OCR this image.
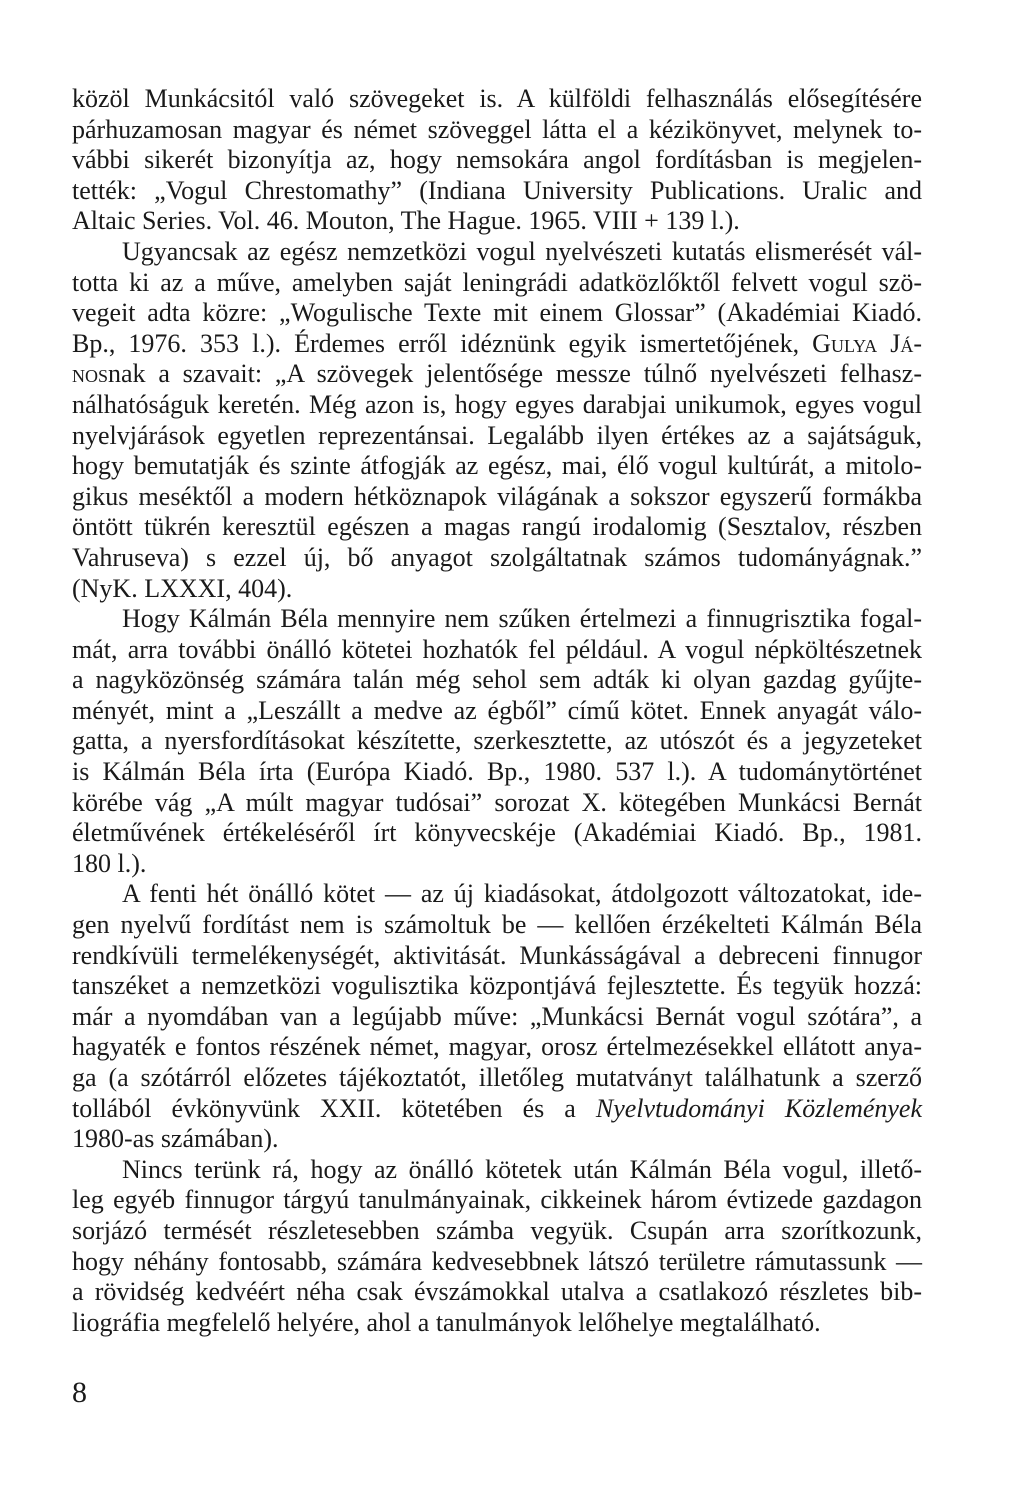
közöl Munkácsitól való szövegeket is. A külföldi felhasználás elősegítésére
párhuzamosan magyar és német szöveggel látta el a kézikönyvet, melynek to-
vábbi sikerét bizonyítja az, hogy nemsokára angol fordításban is megjelen-
tették: „Vogul Chrestomathy” (Indiana University Publications. Uralic and
Altaic Series. Vol. 46. Mouton, The Hague. 1965. VIII + 139 l.).
Ugyancsak az egész nemzetközi vogul nyelvészeti kutatás elismerését vál-
totta ki az a műve, amelyben saját leningrádi adatközlőktől felvett vogul szö-
vegeit adta közre: „Wogulische Texte mit einem Glossar” (Akadémiai Kiadó.
Bp., 1976. 353 l.). Érdemes erről idéznünk egyik ismertetőjének, Gulya Já-
nosnak a szavait: „A szövegek jelentősége messze túlnő nyelvészeti felhasz-
nálhatóságuk keretén. Még azon is, hogy egyes darabjai unikumok, egyes vogul
nyelvjárások egyetlen reprezentánsai. Legalább ilyen értékes az a sajátságuk,
hogy bemutatják és szinte átfogják az egész, mai, élő vogul kultúrát, a mitolo-
gikus meséktől a modern hétköznapok világának a sokszor egyszerű formákba
öntött tükrén keresztül egészen a magas rangú irodalomig (Sesztalov, részben
Vahruseva) s ezzel új, bő anyagot szolgáltatnak számos tudományágnak.”
(NyK. LXXXI, 404).
Hogy Kálmán Béla mennyire nem szűken értelmezi a finnugrisztika fogal-
mát, arra további önálló kötetei hozhatók fel például. A vogul népköltészetnek
a nagyközönség számára talán még sehol sem adták ki olyan gazdag gyűjte-
ményét, mint a „Leszállt a medve az égből” című kötet. Ennek anyagát válo-
gatta, a nyersfordításokat készítette, szerkesztette, az utószót és a jegyzeteket
is Kálmán Béla írta (Európa Kiadó. Bp., 1980. 537 l.). A tudománytörténet
körébe vág „A múlt magyar tudósai” sorozat X. kötegében Munkácsi Bernát
életművének értékeléséről írt könyvecskéje (Akadémiai Kiadó. Bp., 1981.
180 l.).
A fenti hét önálló kötet — az új kiadásokat, átdolgozott változatokat, ide-
gen nyelvű fordítást nem is számoltuk be — kellően érzékelteti Kálmán Béla
rendkívüli termelékenységét, aktivitását. Munkásságával a debreceni finnugor
tanszéket a nemzetközi vogulisztika központjává fejlesztette. És tegyük hozzá:
már a nyomdában van a legújabb műve: „Munkácsi Bernát vogul szótára”, a
hagyaték e fontos részének német, magyar, orosz értelmezésekkel ellátott anya-
ga (a szótárról előzetes tájékoztatót, illetőleg mutatványt találhatunk a szerző
tollából évkönyvünk XXII. kötetében és a Nyelvtudományi Közlemények
1980-as számában).
Nincs terünk rá, hogy az önálló kötetek után Kálmán Béla vogul, illető-
leg egyéb finnugor tárgyú tanulmányainak, cikkeinek három évtizede gazdagon
sorjázó termését részletesebben számba vegyük. Csupán arra szorítkozunk,
hogy néhány fontosabb, számára kedvesebbnek látszó területre rámutassunk —
a rövidség kedvéért néha csak évszámokkal utalva a csatlakozó részletes bib-
liográfia megfelelő helyére, ahol a tanulmányok lelőhelye megtalálható.
8
